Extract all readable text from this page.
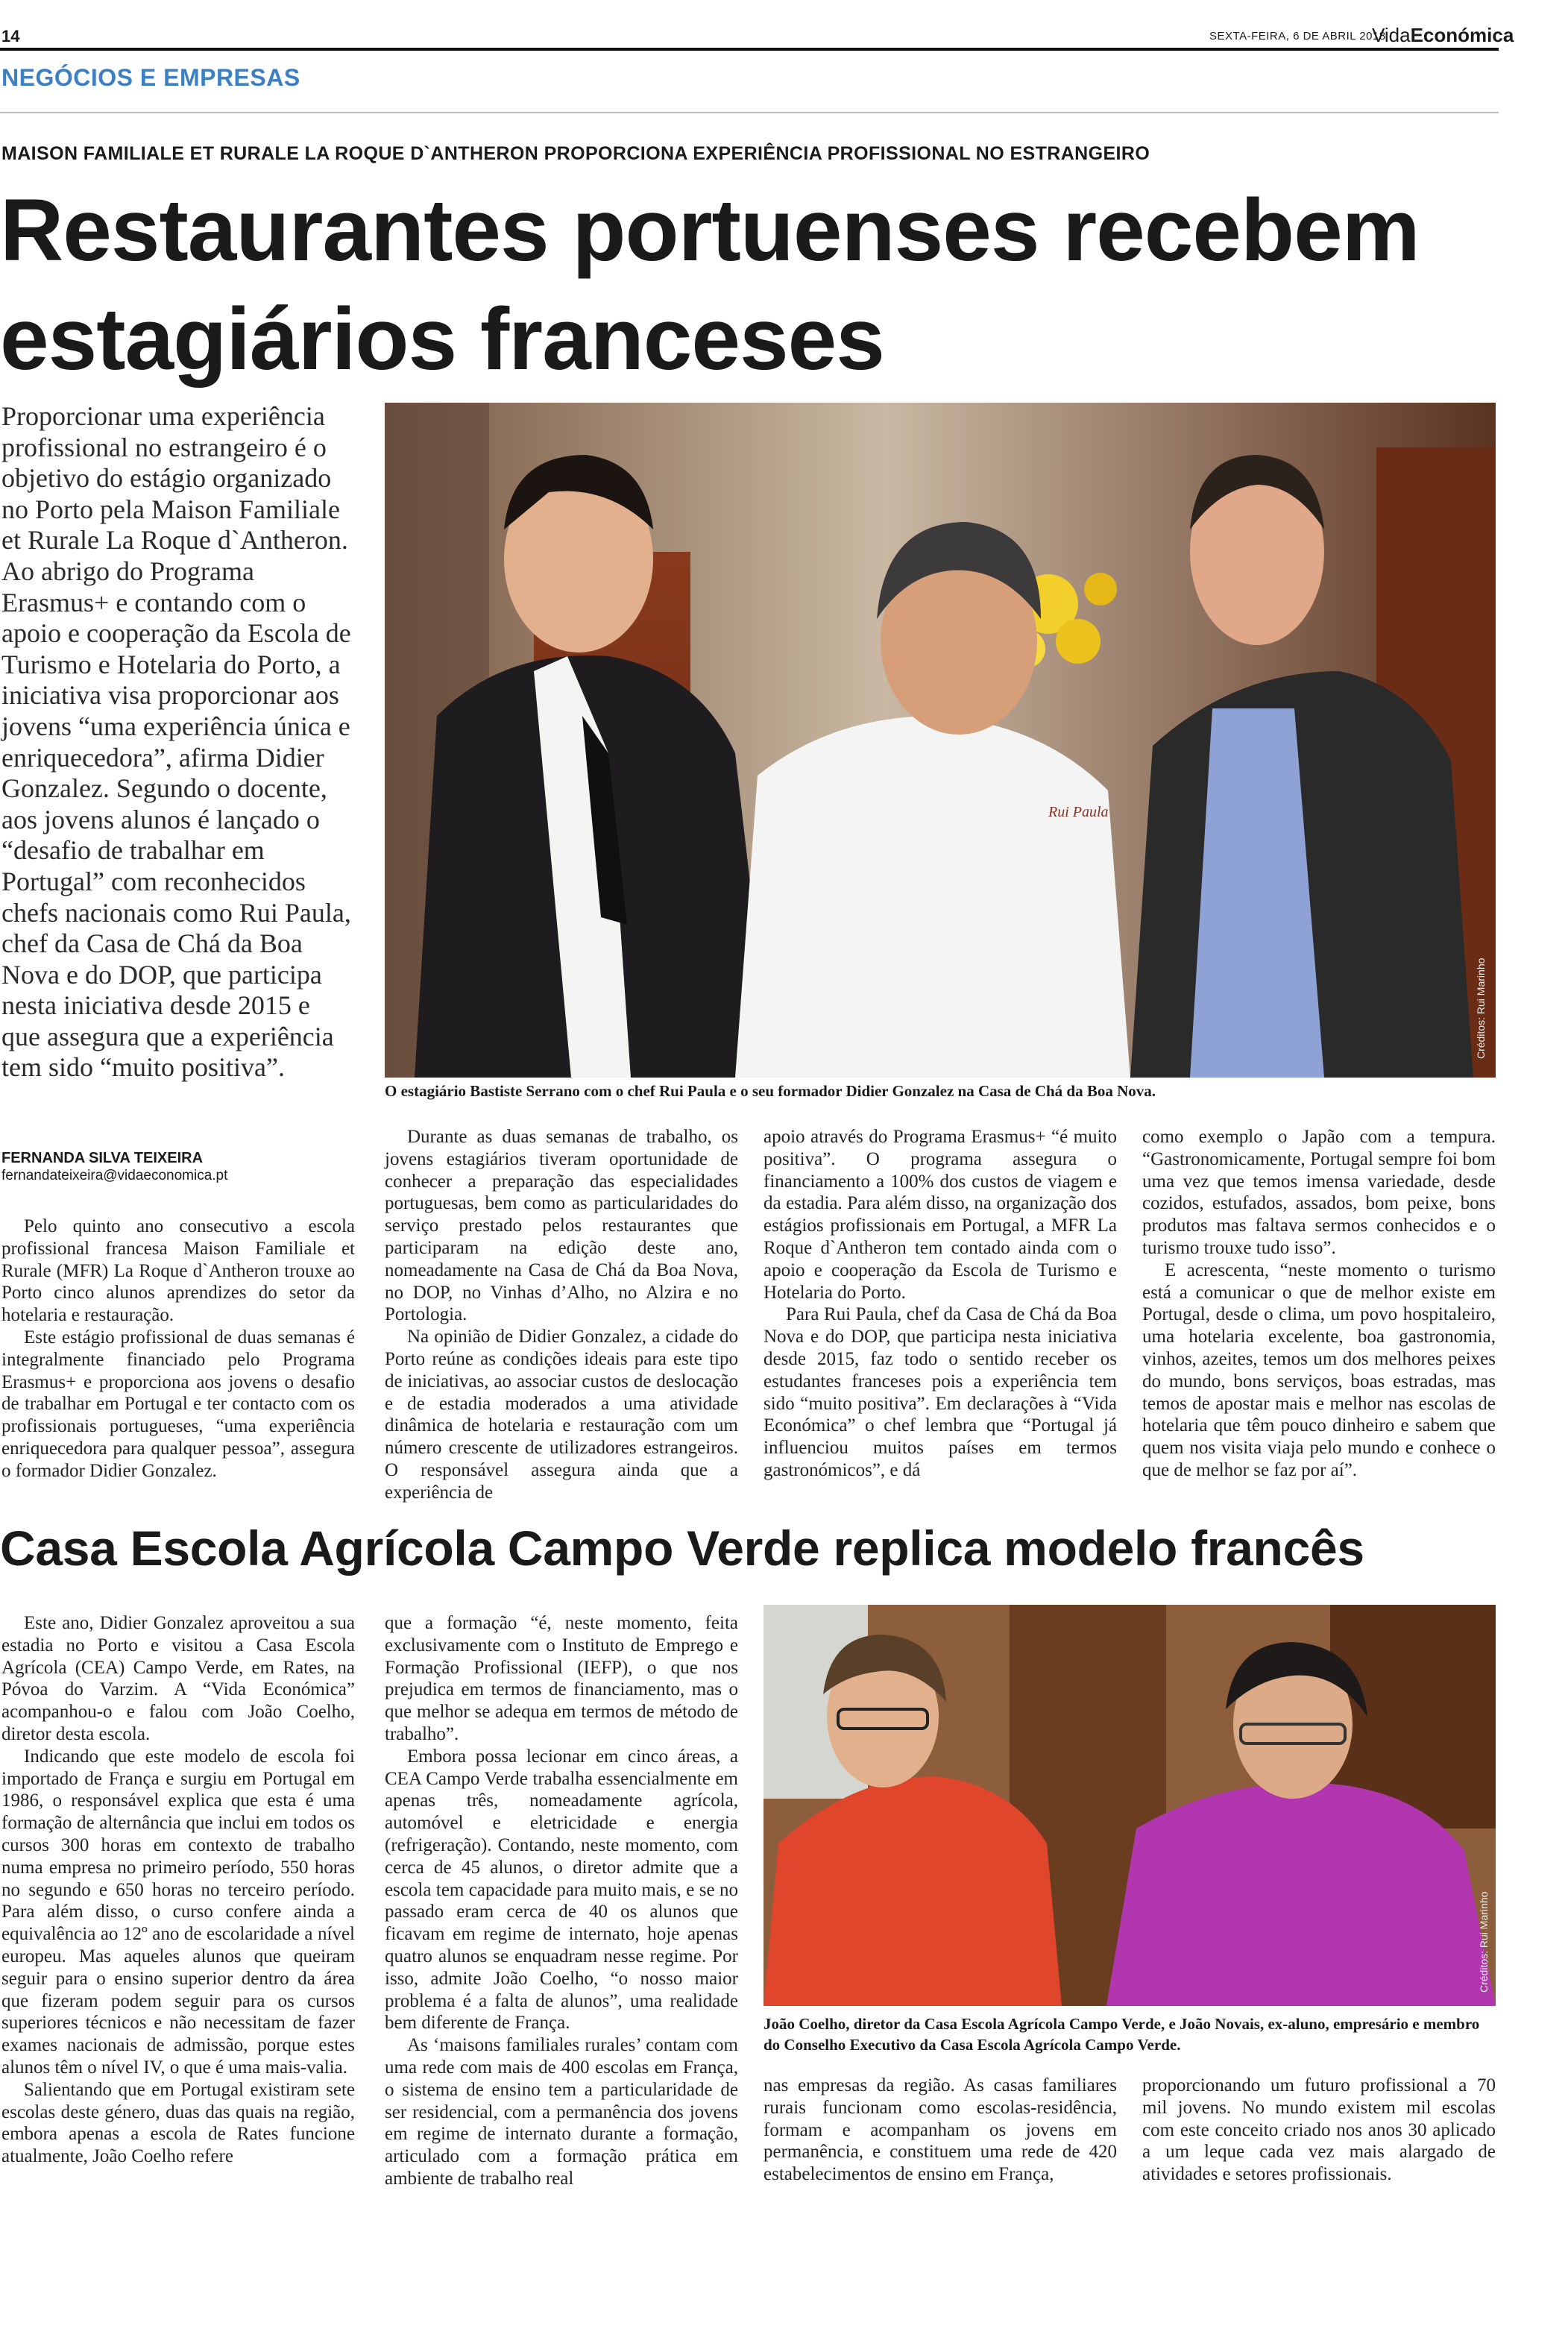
14	SEXTA-FEIRA, 6 DE ABRIL 2018
VidaEconómica
NEGÓCIOS E EMPRESAS
MAISON FAMILIALE ET RURALE LA ROQUE D`ANTHERON PROPORCIONA EXPERIÊNCIA PROFISSIONAL NO ESTRANGEIRO
Restaurantes portuenses recebem estagiários franceses
Proporcionar uma experiência profissional no estrangeiro é o objetivo do estágio organizado no Porto pela Maison Familiale et Rurale La Roque d`Antheron. Ao abrigo do Programa Erasmus+ e contando com o apoio e cooperação da Escola de Turismo e Hotelaria do Porto, a iniciativa visa proporcionar aos jovens “uma experiência única e enriquecedora”, afirma Didier Gonzalez. Segundo o docente, aos jovens alunos é lançado o “desafio de trabalhar em Portugal” com reconhecidos chefs nacionais como Rui Paula, chef da Casa de Chá da Boa Nova e do DOP, que participa nesta iniciativa desde 2015 e que assegura que a experiência tem sido “muito positiva”.
FERNANDA SILVA TEIXEIRA
fernandateixeira@vidaeconomica.pt
Rui Paula
Créditos: Rui Marinho
O estagiário Bastiste Serrano com o chef Rui Paula e o seu formador Didier Gonzalez na Casa de Chá da Boa Nova.

Pelo quinto ano consecutivo a escola profissional francesa Maison Familiale et Rurale (MFR) La Roque d`Antheron trouxe ao Porto cinco alunos aprendizes do setor da hotelaria e restauração.

Este estágio profissional de duas semanas é integralmente financiado pelo Programa Erasmus+ e proporciona aos jovens o desafio de trabalhar em Portugal e ter contacto com os profissionais portugueses, “uma experiência enriquecedora para qualquer pessoa”, assegura o formador Didier Gonzalez.

Durante as duas semanas de trabalho, os jovens estagiários tiveram oportunidade de conhecer a preparação das especialidades portuguesas, bem como as particularidades do serviço prestado pelos restaurantes que participaram na edição deste ano, nomeadamente na Casa de Chá da Boa Nova, no DOP, no Vinhas d’Alho, no Alzira e no Portologia.

Na opinião de Didier Gonzalez, a cidade do Porto reúne as condições ideais para este tipo de iniciativas, ao associar custos de deslocação e de estadia moderados a uma atividade dinâmica de hotelaria e restauração com um número crescente de utilizadores estrangeiros. O responsável assegura ainda que a experiência de

apoio através do Programa Erasmus+ “é muito positiva”. O programa assegura o financiamento a 100% dos custos de viagem e da estadia. Para além disso, na organização dos estágios profissionais em Portugal, a MFR La Roque d`Antheron tem contado ainda com o apoio e cooperação da Escola de Turismo e Hotelaria do Porto.

Para Rui Paula, chef da Casa de Chá da Boa Nova e do DOP, que participa nesta iniciativa desde 2015, faz todo o sentido receber os estudantes franceses pois a experiência tem sido “muito positiva”. Em declarações à “Vida Económica” o chef lembra que “Portugal já influenciou muitos países em termos gastronómicos”, e dá

como exemplo o Japão com a tempura. “Gastronomicamente, Portugal sempre foi bom uma vez que temos imensa variedade, desde cozidos, estufados, assados, bom peixe, bons produtos mas faltava sermos conhecidos e o turismo trouxe tudo isso”.

E acrescenta, “neste momento o turismo está a comunicar o que de melhor existe em Portugal, desde o clima, um povo hospitaleiro, uma hotelaria excelente, boa gastronomia, vinhos, azeites, temos um dos melhores peixes do mundo, bons serviços, boas estradas, mas temos de apostar mais e melhor nas escolas de hotelaria que têm pouco dinheiro e sabem que quem nos visita viaja pelo mundo e conhece o que de melhor se faz por aí”.

Casa Escola Agrícola Campo Verde replica modelo francês
Créditos: Rui Marinho
João Coelho, diretor da Casa Escola Agrícola Campo Verde, e João Novais, ex-aluno, empresário e membro do Conselho Executivo da Casa Escola Agrícola Campo Verde.

Este ano, Didier Gonzalez aproveitou a sua estadia no Porto e visitou a Casa Escola Agrícola (CEA) Campo Verde, em Rates, na Póvoa do Varzim. A “Vida Económica” acompanhou-o e falou com João Coelho, diretor desta escola.

Indicando que este modelo de escola foi importado de França e surgiu em Portugal em 1986, o responsável explica que esta é uma formação de alternância que inclui em todos os cursos 300 horas em contexto de trabalho numa empresa no primeiro período, 550 horas no segundo e 650 horas no terceiro período. Para além disso, o curso confere ainda a equivalência ao 12º ano de escolaridade a nível europeu. Mas aqueles alunos que queiram seguir para o ensino superior dentro da área que fizeram podem seguir para os cursos superiores técnicos e não necessitam de fazer exames nacionais de admissão, porque estes alunos têm o nível IV, o que é uma mais-valia.

Salientando que em Portugal existiram sete escolas deste género, duas das quais na região, embora apenas a escola de Rates funcione atualmente, João Coelho refere

que a formação “é, neste momento, feita exclusivamente com o Instituto de Emprego e Formação Profissional (IEFP), o que nos prejudica em termos de financiamento, mas o que melhor se adequa em termos de método de trabalho”.

Embora possa lecionar em cinco áreas, a CEA Campo Verde trabalha essencialmente em apenas três, nomeadamente agrícola, automóvel e eletricidade e energia (refrigeração). Contando, neste momento, com cerca de 45 alunos, o diretor admite que a escola tem capacidade para muito mais, e se no passado eram cerca de 40 os alunos que ficavam em regime de internato, hoje apenas quatro alunos se enquadram nesse regime. Por isso, admite João Coelho, “o nosso maior problema é a falta de alunos”, uma realidade bem diferente de França.

As ‘maisons familiales rurales’ contam com uma rede com mais de 400 escolas em França, o sistema de ensino tem a particularidade de ser residencial, com a permanência dos jovens em regime de internato durante a formação, articulado com a formação prática em ambiente de trabalho real

nas empresas da região. As casas familiares rurais funcionam como escolas-residência, formam e acompanham os jovens em permanência, e constituem uma rede de 420 estabelecimentos de ensino em França,

proporcionando um futuro profissional a 70 mil jovens. No mundo existem mil escolas com este conceito criado nos anos 30 aplicado a um leque cada vez mais alargado de atividades e setores profissionais.
